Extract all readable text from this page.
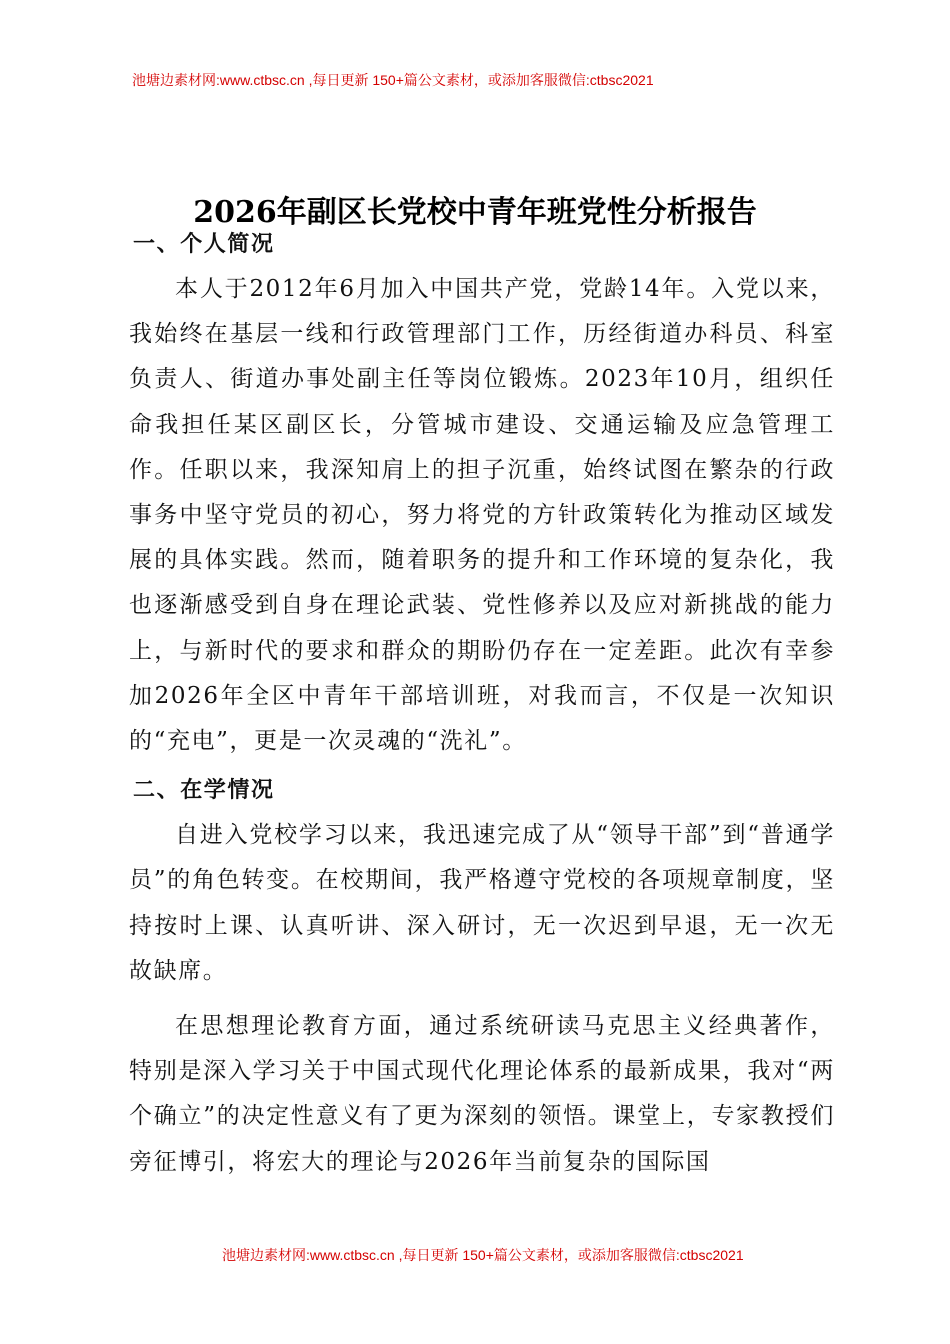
池塘边素材网:www.ctbsc.cn ,每日更新 150+篇公文素材，或添加客服微信:ctbsc2021
2026年副区长党校中青年班党性分析报告
一、个人简况

本人于2012年6月加入中国共产党，党龄14年。入党以来，我始终在基层一线和行政管理部门工作，历经街道办科员、科室负责人、街道办事处副主任等岗位锻炼。2023年10月，组织任命我担任某区副区长，分管城市建设、交通运输及应急管理工作。任职以来，我深知肩上的担子沉重，始终试图在繁杂的行政事务中坚守党员的初心，努力将党的方针政策转化为推动区域发展的具体实践。然而，随着职务的提升和工作环境的复杂化，我也逐渐感受到自身在理论武装、党性修养以及应对新挑战的能力上，与新时代的要求和群众的期盼仍存在一定差距。此次有幸参加2026年全区中青年干部培训班，对我而言，不仅是一次知识的“充电”，更是一次灵魂的“洗礼”。

二、在学情况

自进入党校学习以来，我迅速完成了从“领导干部”到“普通学员”的角色转变。在校期间，我严格遵守党校的各项规章制度，坚持按时上课、认真听讲、深入研讨，无一次迟到早退，无一次无故缺席。

在思想理论教育方面，通过系统研读马克思主义经典著作，特别是深入学习关于中国式现代化理论体系的最新成果，我对“两个确立”的决定性意义有了更为深刻的领悟。课堂上，专家教授们旁征博引，将宏大的理论与2026年当前复杂的国际国

池塘边素材网:www.ctbsc.cn ,每日更新 150+篇公文素材，或添加客服微信:ctbsc2021
